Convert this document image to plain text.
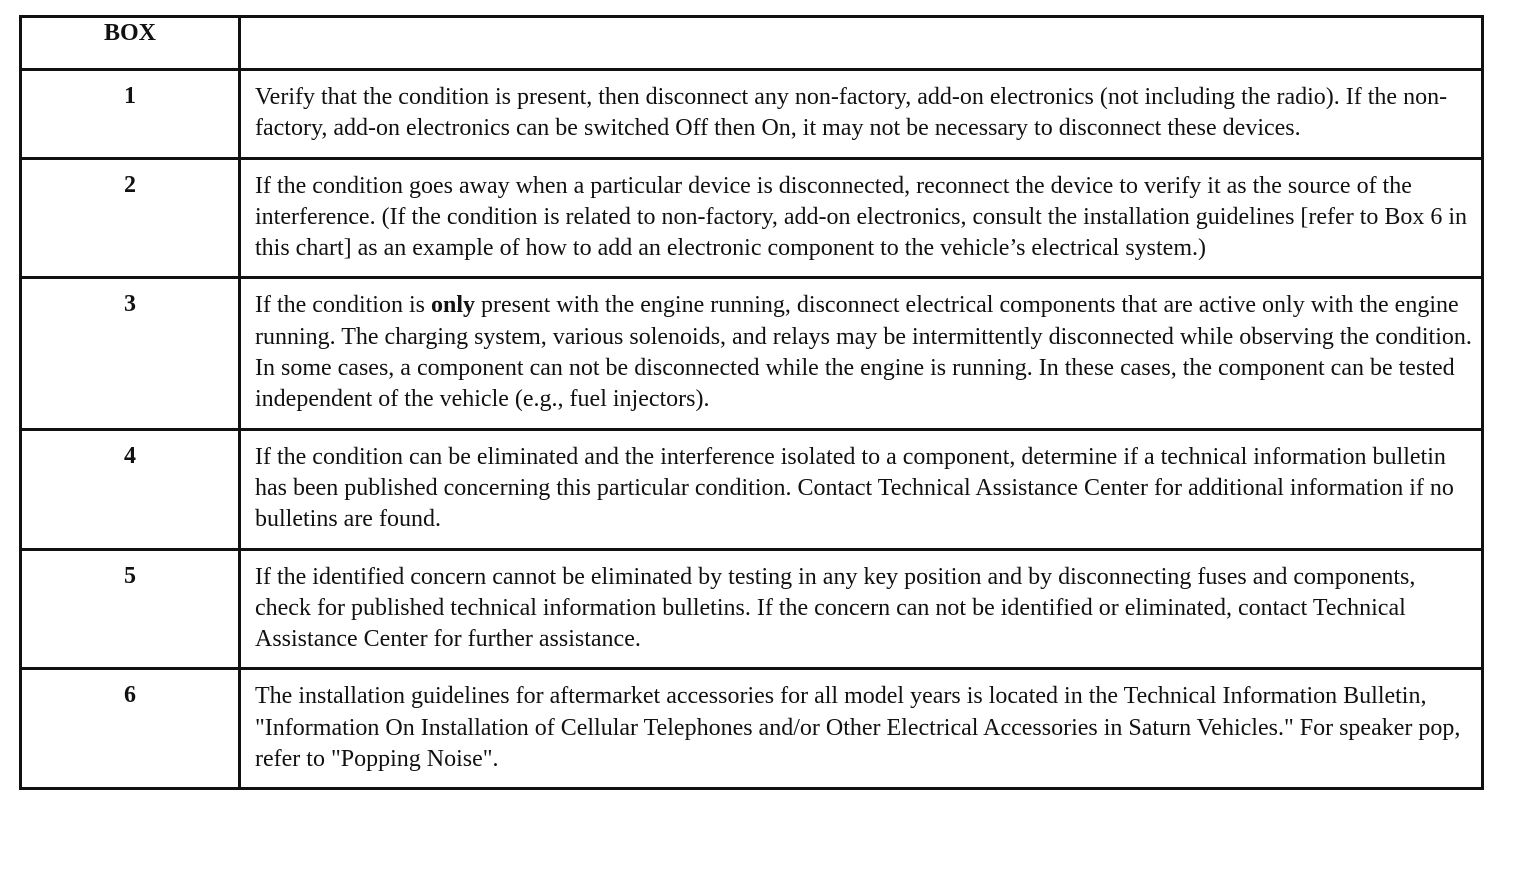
BOX	
1	Verify that the condition is present, then disconnect any non-factory, add-on electronics (not including the radio). If the non-factory, add-on electronics can be switched Off then On, it may not be necessary to disconnect these devices.
2	If the condition goes away when a particular device is disconnected, reconnect the device to verify it as the source of the interference. (If the condition is related to non-factory, add-on electronics, consult the installation guidelines [refer to Box 6 in this chart] as an example of how to add an electronic component to the vehicle’s electrical system.)
3	If the condition is only present with the engine running, disconnect electrical components that are active only with the engine running. The charging system, various solenoids, and relays may be intermittently disconnected while observing the condition. In some cases, a component can not be disconnected while the engine is running. In these cases, the component can be tested independent of the vehicle (e.g., fuel injectors).
4	If the condition can be eliminated and the interference isolated to a component, determine if a technical information bulletin has been published concerning this particular condition. Contact Technical Assistance Center for additional information if no bulletins are found.
5	If the identified concern cannot be eliminated by testing in any key position and by disconnecting fuses and components, check for published technical information bulletins. If the concern can not be identified or eliminated, contact Technical Assistance Center for further assistance.
6	The installation guidelines for aftermarket accessories for all model years is located in the Technical Information Bulletin, "Information On Installation of Cellular Telephones and/or Other Electrical Accessories in Saturn Vehicles." For speaker pop, refer to "Popping Noise".
